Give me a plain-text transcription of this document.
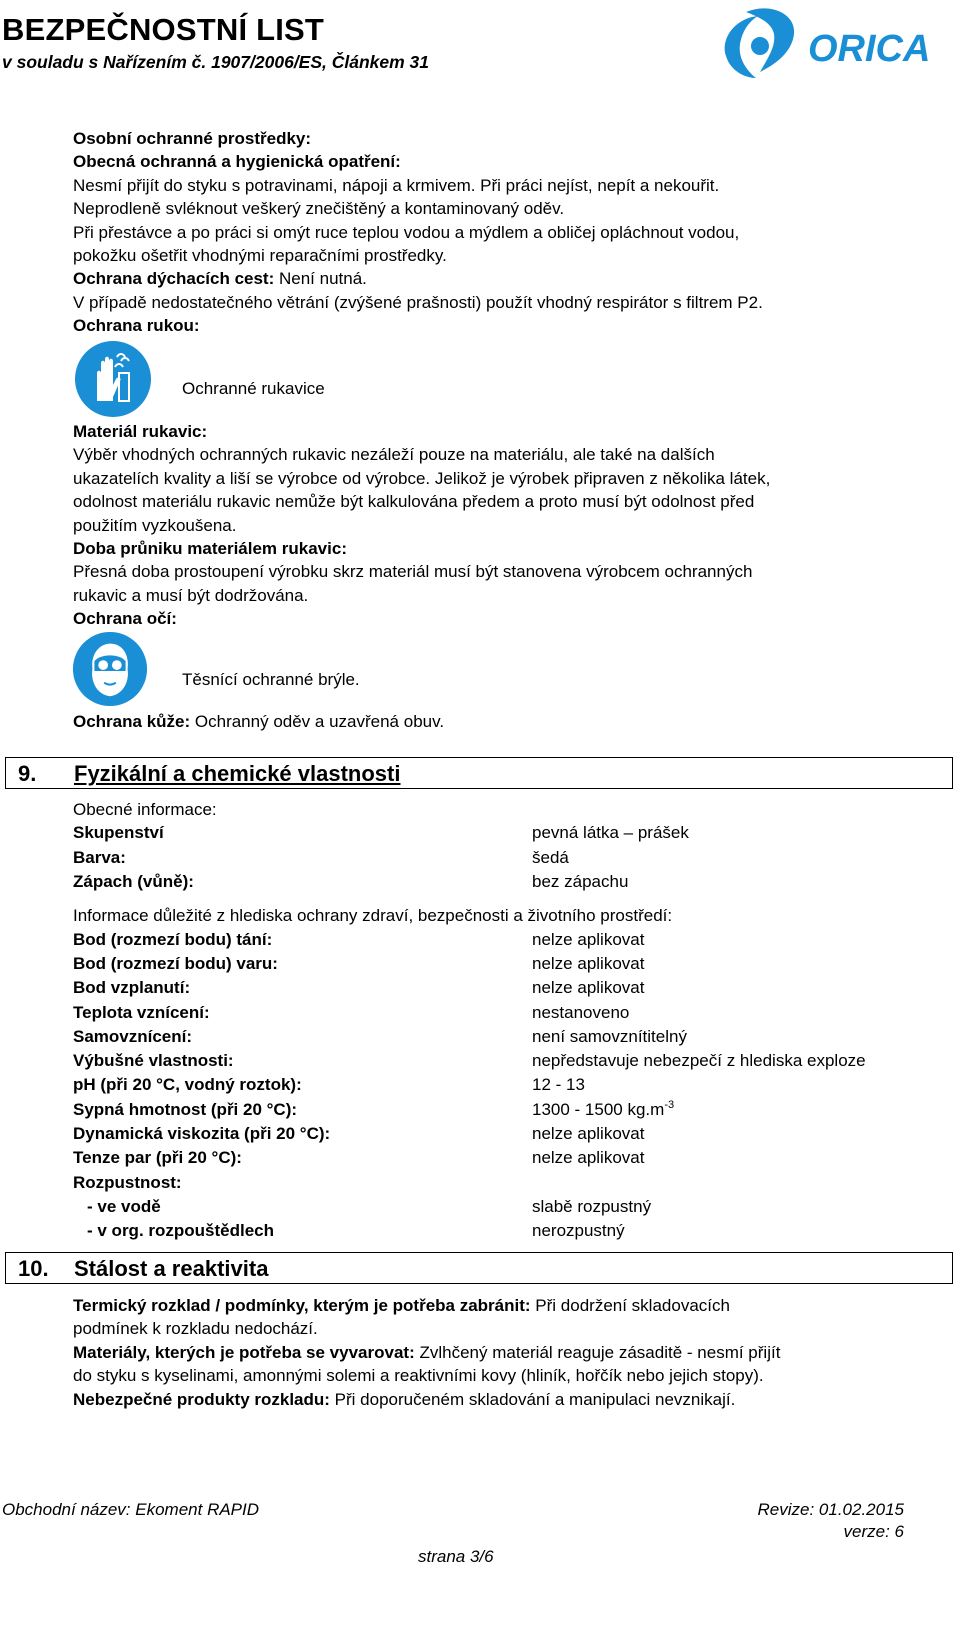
BEZPEČNOSTNÍ LIST
v souladu s Nařízením č. 1907/2006/ES, Článkem 31	ORICA
Osobní ochranné prostředky:
Obecná ochranná a hygienická opatření:
Nesmí přijít do styku s potravinami, nápoji a krmivem. Při práci nejíst, nepít a nekouřit.
Neprodleně svléknout veškerý znečištěný a kontaminovaný oděv.
Při přestávce a po práci si omýt ruce teplou vodou a mýdlem a obličej opláchnout vodou,
pokožku ošetřit vhodnými reparačními prostředky.
Ochrana dýchacích cest: Není nutná.
V případě nedostatečného větrání (zvýšené prašnosti) použít vhodný respirátor s filtrem P2.
Ochrana rukou:
Ochranné rukavice
Materiál rukavic:
Výběr vhodných ochranných rukavic nezáleží pouze na materiálu, ale také na dalších
ukazatelích kvality a liší se výrobce od výrobce. Jelikož je výrobek připraven z několika látek,
odolnost materiálu rukavic nemůže být kalkulována předem a proto musí být odolnost před
použitím vyzkoušena.
Doba průniku materiálem rukavic:
Přesná doba prostoupení výrobku skrz materiál musí být stanovena výrobcem ochranných
rukavic a musí být dodržována.
Ochrana očí:
Těsnící ochranné brýle.
Ochrana kůže: Ochranný oděv a uzavřená obuv.
9. Fyzikální a chemické vlastnosti
Obecné informace:
Skupenství	pevná látka – prášek
Barva:	šedá
Zápach (vůně):	bez zápachu
Informace důležité z hlediska ochrany zdraví, bezpečnosti a životního prostředí:
Bod (rozmezí bodu) tání:	nelze aplikovat
Bod (rozmezí bodu) varu:	nelze aplikovat
Bod vzplanutí:	nelze aplikovat
Teplota vznícení:	nestanoveno
Samovznícení:	není samovznítitelný
Výbušné vlastnosti:	nepředstavuje nebezpečí z hlediska exploze
pH (při 20 °C, vodný roztok):	12 - 13
Sypná hmotnost (při 20 °C):	1300 - 1500 $kg.m^{-3}$
Dynamická viskozita (při 20 °C):	nelze aplikovat
Tenze par (při 20 °C):	nelze aplikovat
Rozpustnost:
- ve vodě	slabě rozpustný
- v org. rozpouštědlech	nerozpustný
10. Stálost a reaktivita
Termický rozklad / podmínky, kterým je potřeba zabránit: Při dodržení skladovacích
podmínek k rozkladu nedochází.
Materiály, kterých je potřeba se vyvarovat: Zvlhčený materiál reaguje zásaditě - nesmí přijít
do styku s kyselinami, amonnými solemi a reaktivními kovy (hliník, hořčík nebo jejich stopy).
Nebezpečné produkty rozkladu: Při doporučeném skladování a manipulaci nevznikají.
Obchodní název: Ekoment RAPID	Revize: 01.02.2015
verze: 6
strana 3/6
